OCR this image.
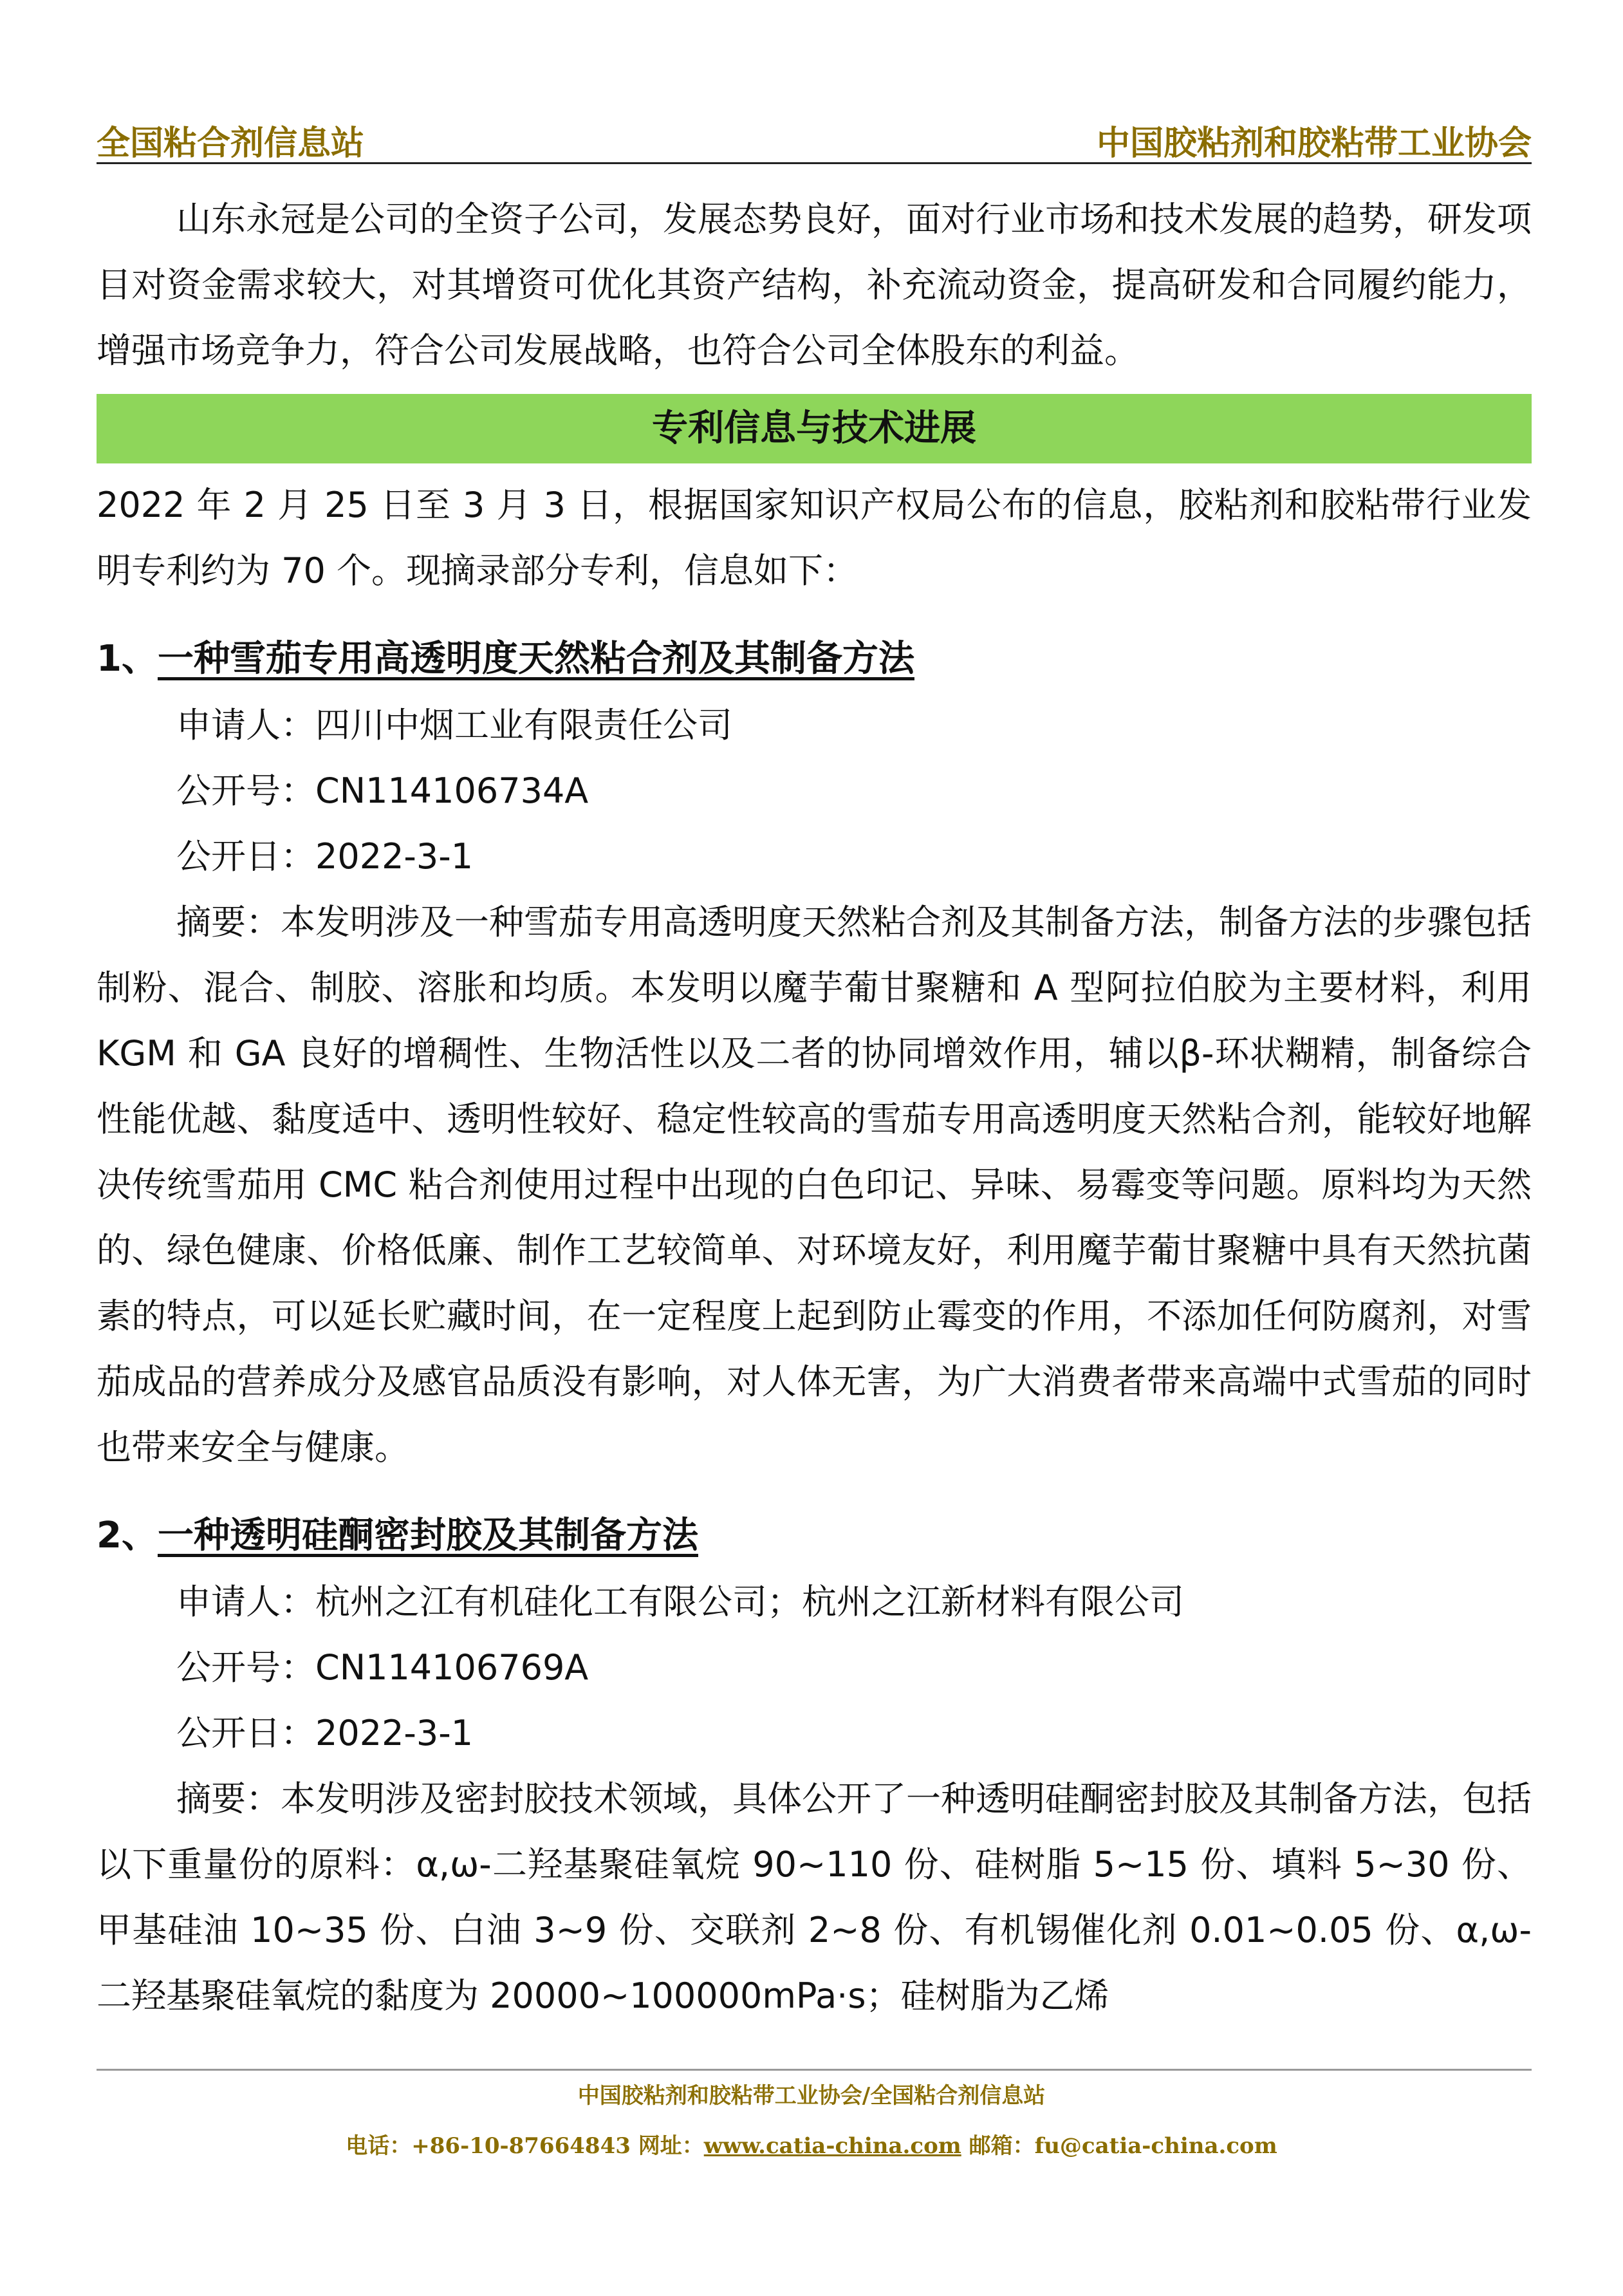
全国粘合剂信息站	中国胶粘剂和胶粘带工业协会

山东永冠是公司的全资子公司，发展态势良好，面对行业市场和技术发展的趋势，研发项目对资金需求较大，对其增资可优化其资产结构，补充流动资金，提高研发和合同履约能力，增强市场竞争力，符合公司发展战略，也符合公司全体股东的利益。

专利信息与技术进展

2022 年 2 月 25 日至 3 月 3 日，根据国家知识产权局公布的信息，胶粘剂和胶粘带行业发明专利约为 70 个。现摘录部分专利，信息如下：

1、一种雪茄专用高透明度天然粘合剂及其制备方法

申请人：四川中烟工业有限责任公司

公开号：CN114106734A

公开日：2022-3-1

摘要：本发明涉及一种雪茄专用高透明度天然粘合剂及其制备方法，制备方法的步骤包括制粉、混合、制胶、溶胀和均质。本发明以魔芋葡甘聚糖和 A 型阿拉伯胶为主要材料，利用 KGM 和 GA 良好的增稠性、生物活性以及二者的协同增效作用，辅以β-环状糊精，制备综合性能优越、黏度适中、透明性较好、稳定性较高的雪茄专用高透明度天然粘合剂，能较好地解决传统雪茄用 CMC 粘合剂使用过程中出现的白色印记、异味、易霉变等问题。原料均为天然的、绿色健康、价格低廉、制作工艺较简单、对环境友好，利用魔芋葡甘聚糖中具有天然抗菌素的特点，可以延长贮藏时间，在一定程度上起到防止霉变的作用，不添加任何防腐剂，对雪茄成品的营养成分及感官品质没有影响，对人体无害，为广大消费者带来高端中式雪茄的同时也带来安全与健康。

2、一种透明硅酮密封胶及其制备方法

申请人：杭州之江有机硅化工有限公司；杭州之江新材料有限公司

公开号：CN114106769A

公开日：2022-3-1

摘要：本发明涉及密封胶技术领域，具体公开了一种透明硅酮密封胶及其制备方法，包括以下重量份的原料：α,ω-二羟基聚硅氧烷 90~110 份、硅树脂 5~15 份、填料 5~30 份、甲基硅油 10~35 份、白油 3~9 份、交联剂 2~8 份、有机锡催化剂 0.01~0.05 份、α,ω-二羟基聚硅氧烷的黏度为 20000~100000mPa·s；硅树脂为乙烯

中国胶粘剂和胶粘带工业协会/全国粘合剂信息站
电话：+86-10-87664843 网址：www.catia-china.com 邮箱：fu@catia-china.com
